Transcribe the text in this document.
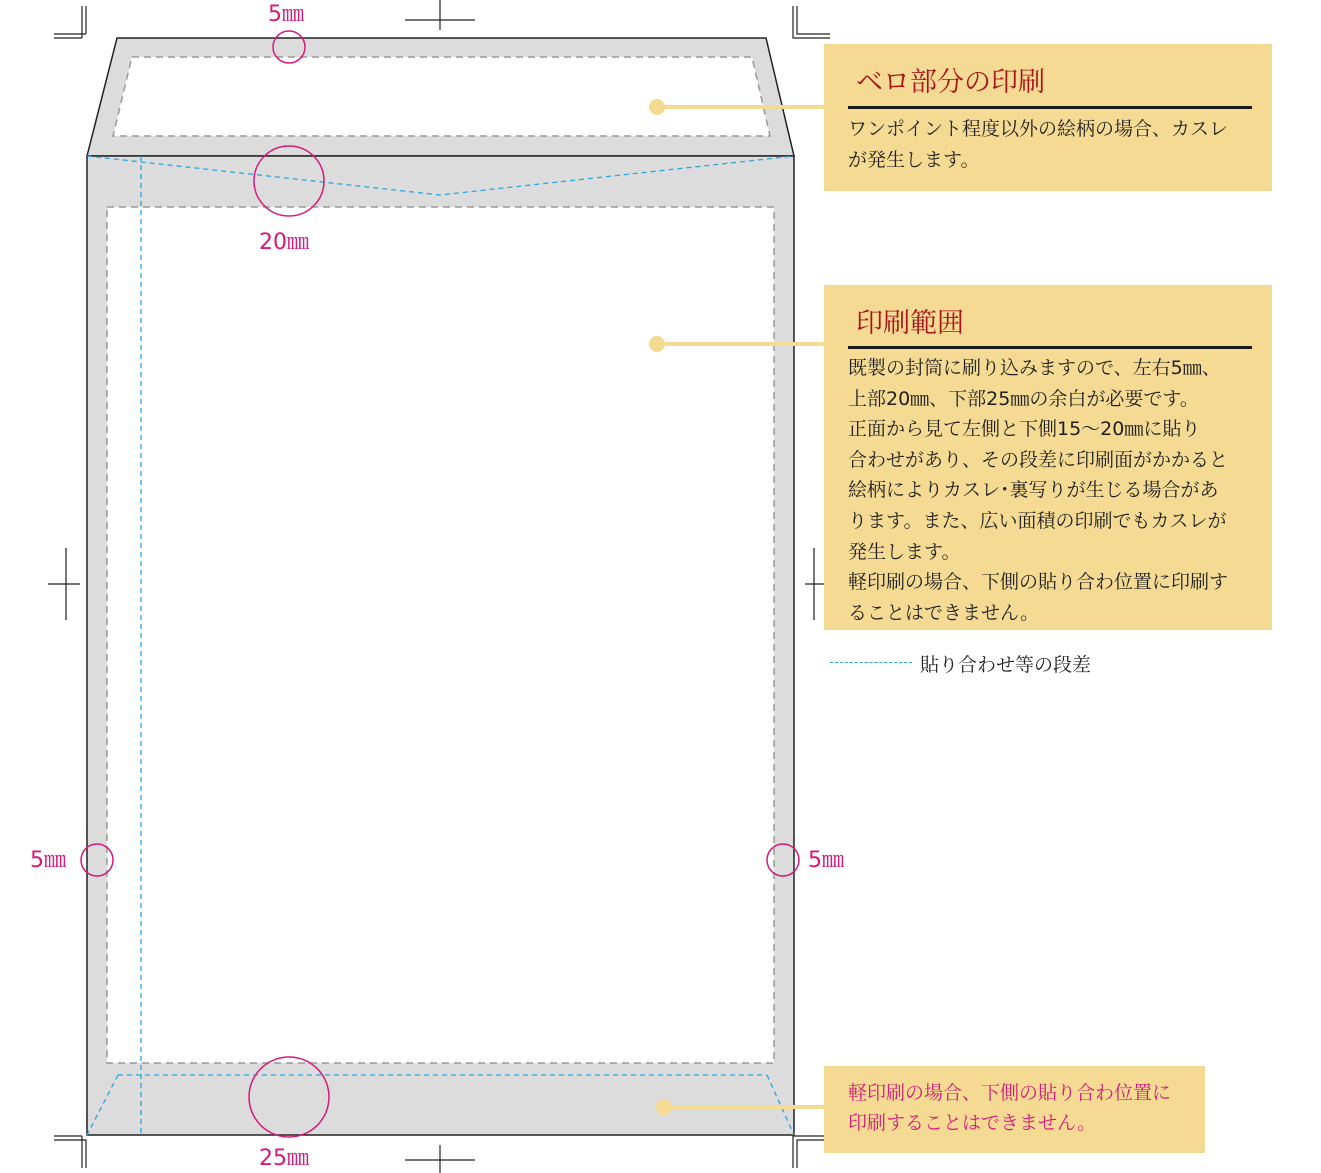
5㎜
20㎜
5㎜	5㎜
25㎜
ベロ部分の印刷
ワンポイント程度以外の絵柄の場合、カスレ
が発生します。
印刷範囲
既製の封筒に刷り込みますので、左右5㎜、
上部20㎜、下部25㎜の余白が必要です。
正面から見て左側と下側15～20㎜に貼り
合わせがあり、その段差に印刷面がかかると
絵柄によりカスレ･裏写りが生じる場合があ
ります。また、広い面積の印刷でもカスレが
発生します。
軽印刷の場合、下側の貼り合わ位置に印刷す
ることはできません。
貼り合わせ等の段差
軽印刷の場合、下側の貼り合わ位置に
印刷することはできません。
